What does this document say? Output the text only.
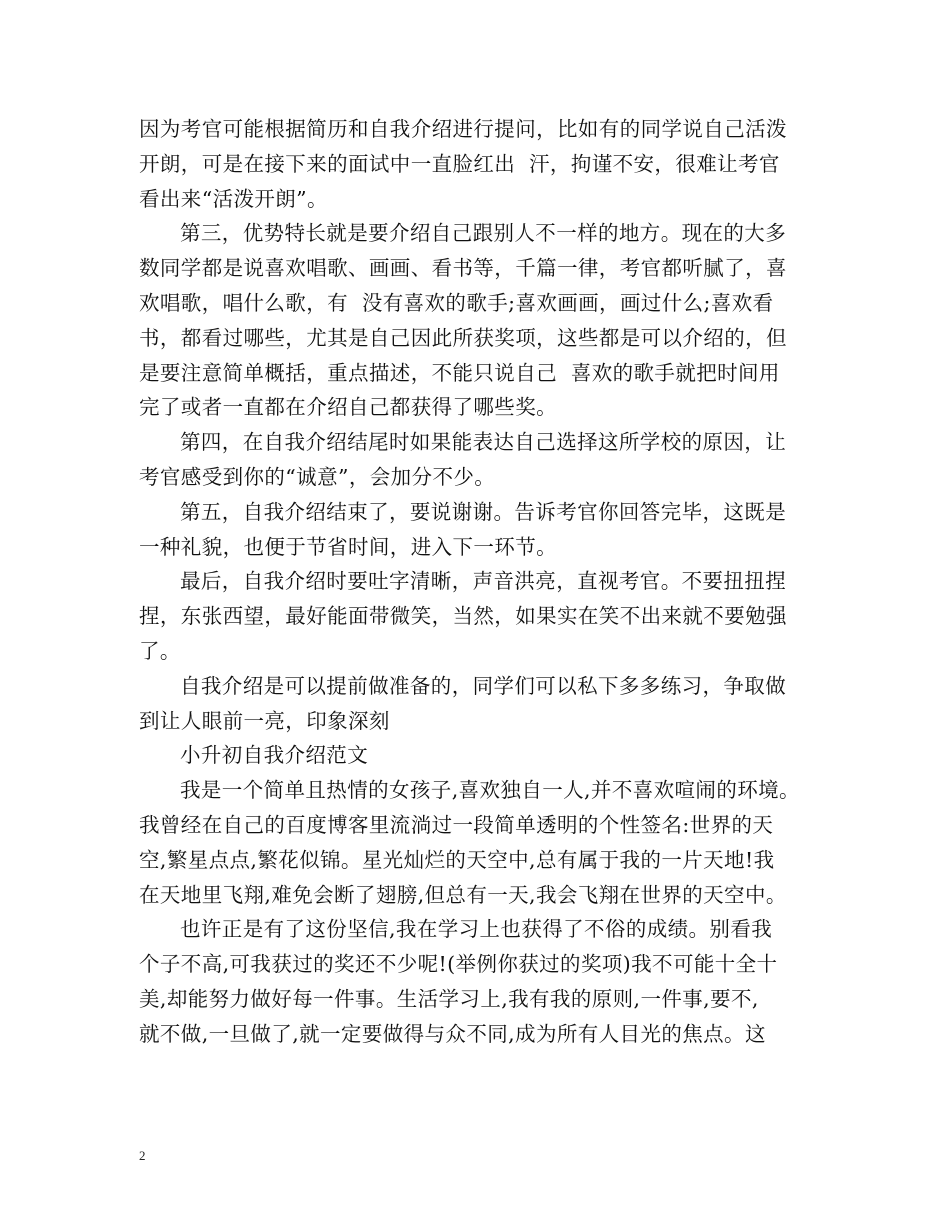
因为考官可能根据简历和自我介绍进行提问，比如有的同学说自己活泼
开朗，可是在接下来的面试中一直脸红出  汗，拘谨不安，很难让考官
看出来“活泼开朗”。
第三，优势特长就是要介绍自己跟别人不一样的地方。现在的大多
数同学都是说喜欢唱歌、画画、看书等，千篇一律，考官都听腻了，喜
欢唱歌，唱什么歌，有  没有喜欢的歌手;喜欢画画，画过什么;喜欢看
书，都看过哪些，尤其是自己因此所获奖项，这些都是可以介绍的，但
是要注意简单概括，重点描述，不能只说自己  喜欢的歌手就把时间用
完了或者一直都在介绍自己都获得了哪些奖。
第四，在自我介绍结尾时如果能表达自己选择这所学校的原因，让
考官感受到你的“诚意”，会加分不少。
第五，自我介绍结束了，要说谢谢。告诉考官你回答完毕，这既是
一种礼貌，也便于节省时间，进入下一环节。
最后，自我介绍时要吐字清晰，声音洪亮，直视考官。不要扭扭捏
捏，东张西望，最好能面带微笑，当然，如果实在笑不出来就不要勉强
了。
自我介绍是可以提前做准备的，同学们可以私下多多练习，争取做
到让人眼前一亮，印象深刻
小升初自我介绍范文
我是一个简单且热情的女孩子,喜欢独自一人,并不喜欢喧闹的环境。
我曾经在自己的百度博客里流淌过一段简单透明的个性签名:世界的天
空,繁星点点,繁花似锦。星光灿烂的天空中,总有属于我的一片天地!我
在天地里飞翔,难免会断了翅膀,但总有一天,我会飞翔在世界的天空中。
也许正是有了这份坚信,我在学习上也获得了不俗的成绩。别看我
个子不高,可我获过的奖还不少呢!(举例你获过的奖项)我不可能十全十
美,却能努力做好每一件事。生活学习上,我有我的原则,一件事,要不,
就不做,一旦做了,就一定要做得与众不同,成为所有人目光的焦点。这
2
